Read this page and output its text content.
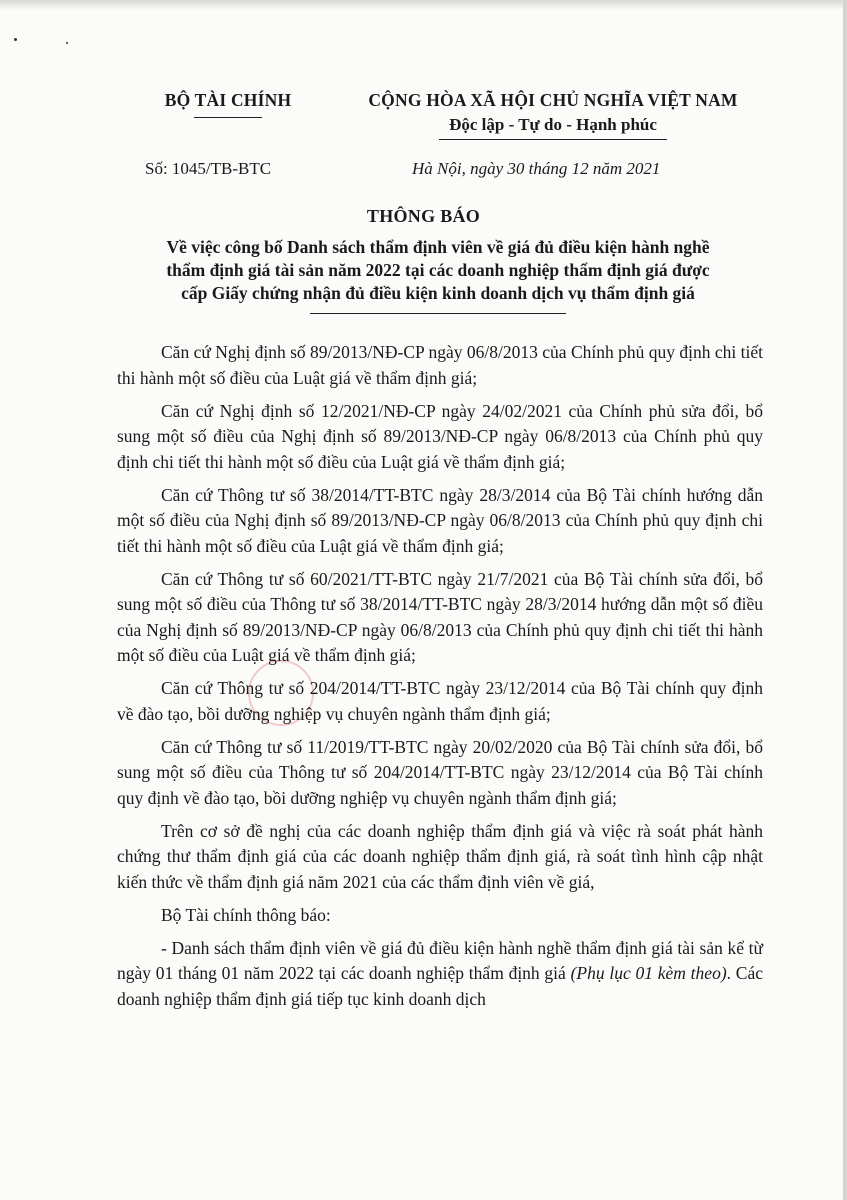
BỘ TÀI CHÍNH	CỘNG HÒA XÃ HỘI CHỦ NGHĨA VIỆT NAM
Độc lập - Tự do - Hạnh phúc
Số: 1045/TB-BTC	Hà Nội, ngày 30 tháng 12 năm 2021
THÔNG BÁO
Về việc công bố Danh sách thẩm định viên về giá đủ điều kiện hành nghề
thẩm định giá tài sản năm 2022 tại các doanh nghiệp thẩm định giá được
cấp Giấy chứng nhận đủ điều kiện kinh doanh dịch vụ thẩm định giá

Căn cứ Nghị định số 89/2013/NĐ-CP ngày 06/8/2013 của Chính phủ quy định chi tiết thi hành một số điều của Luật giá về thẩm định giá;

Căn cứ Nghị định số 12/2021/NĐ-CP ngày 24/02/2021 của Chính phủ sửa đổi, bổ sung một số điều của Nghị định số 89/2013/NĐ-CP ngày 06/8/2013 của Chính phủ quy định chi tiết thi hành một số điều của Luật giá về thẩm định giá;

Căn cứ Thông tư số 38/2014/TT-BTC ngày 28/3/2014 của Bộ Tài chính hướng dẫn một số điều của Nghị định số 89/2013/NĐ-CP ngày 06/8/2013 của Chính phủ quy định chi tiết thi hành một số điều của Luật giá về thẩm định giá;

Căn cứ Thông tư số 60/2021/TT-BTC ngày 21/7/2021 của Bộ Tài chính sửa đổi, bổ sung một số điều của Thông tư số 38/2014/TT-BTC ngày 28/3/2014 hướng dẫn một số điều của Nghị định số 89/2013/NĐ-CP ngày 06/8/2013 của Chính phủ quy định chi tiết thi hành một số điều của Luật giá về thẩm định giá;

Căn cứ Thông tư số 204/2014/TT-BTC ngày 23/12/2014 của Bộ Tài chính quy định về đào tạo, bồi dưỡng nghiệp vụ chuyên ngành thẩm định giá;

Căn cứ Thông tư số 11/2019/TT-BTC ngày 20/02/2020 của Bộ Tài chính sửa đổi, bổ sung một số điều của Thông tư số 204/2014/TT-BTC ngày 23/12/2014 của Bộ Tài chính quy định về đào tạo, bồi dưỡng nghiệp vụ chuyên ngành thẩm định giá;

Trên cơ sở đề nghị của các doanh nghiệp thẩm định giá và việc rà soát phát hành chứng thư thẩm định giá của các doanh nghiệp thẩm định giá, rà soát tình hình cập nhật kiến thức về thẩm định giá năm 2021 của các thẩm định viên về giá,

Bộ Tài chính thông báo:

- Danh sách thẩm định viên về giá đủ điều kiện hành nghề thẩm định giá tài sản kể từ ngày 01 tháng 01 năm 2022 tại các doanh nghiệp thẩm định giá (Phụ lục 01 kèm theo). Các doanh nghiệp thẩm định giá tiếp tục kinh doanh dịch
